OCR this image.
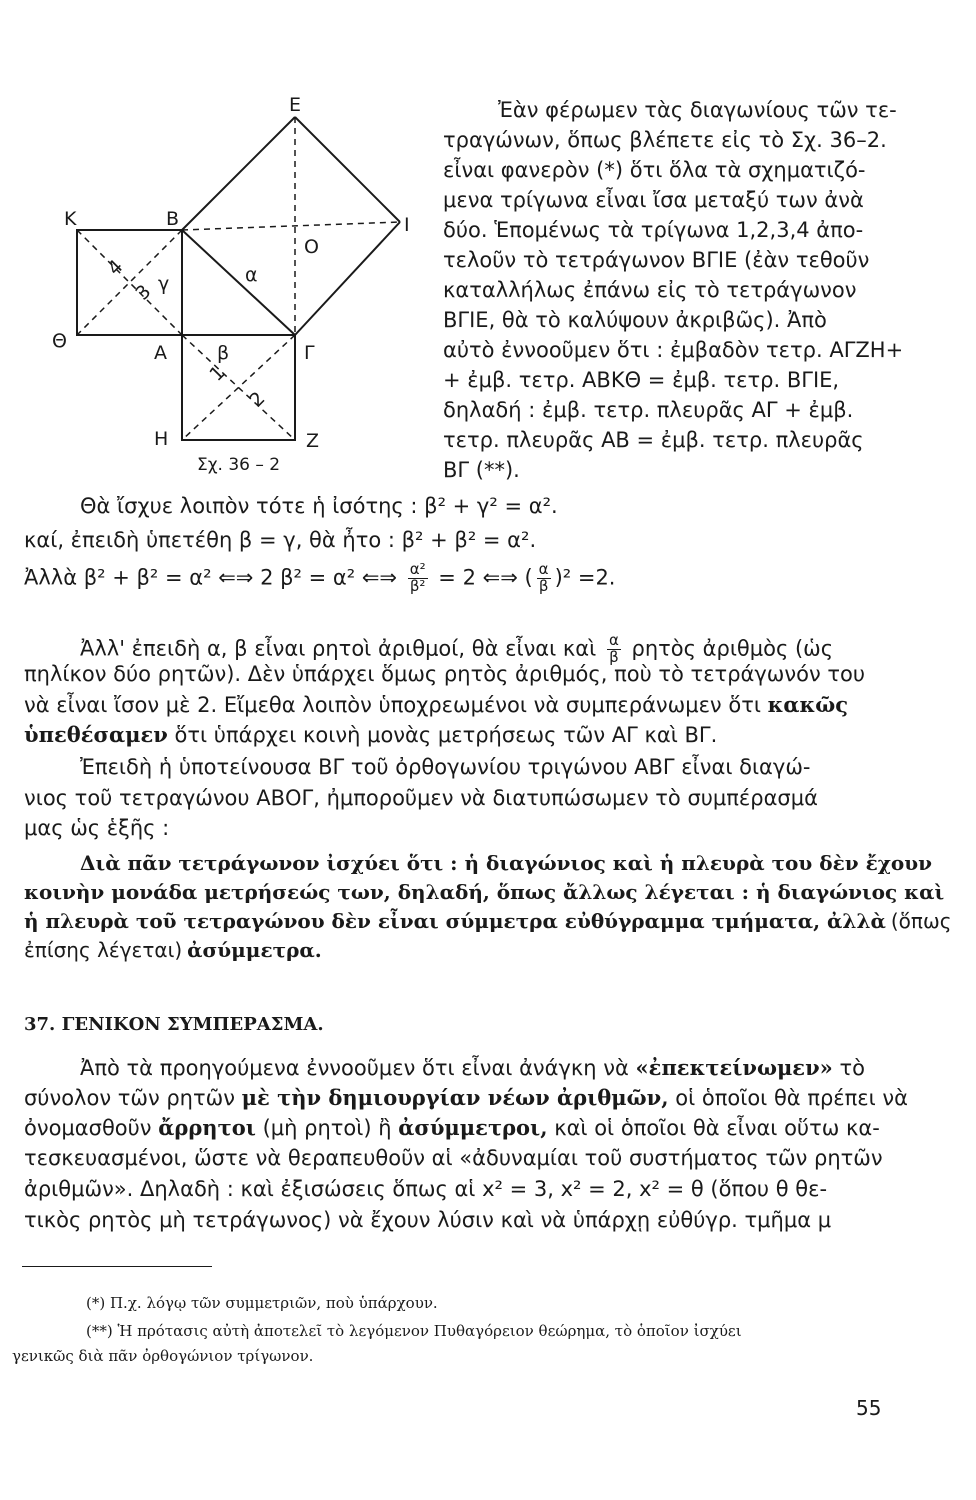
E
K	B	I
O
Θ
A	β	Γ
H	Z
α
γ
1
2
3
4
Σχ. 36 – 2
Ἐὰν φέρωμεν τὰς διαγωνίους τῶν τε-
τραγώνων, ὅπως βλέπετε εἰς τὸ Σχ. 36–2.
εἶναι φανερὸν (*) ὅτι ὅλα τὰ σχηματιζό-
μενα τρίγωνα εἶναι ἴσα μεταξύ των ἀνὰ
δύο. Ἑπομένως τὰ τρίγωνα 1,2,3,4 ἀπο-
τελοῦν τὸ τετράγωνον ΒΓΙΕ (ἐὰν τεθοῦν
καταλλήλως ἐπάνω εἰς τὸ τετράγωνον
ΒΓΙΕ, θὰ τὸ καλύψουν ἀκριβῶς). Ἀπὸ
αὐτὸ ἐννοοῦμεν ὅτι : ἐμβαδὸν τετρ. ΑΓΖΗ+
+ ἐμβ. τετρ. ΑΒΚΘ = ἐμβ. τετρ. ΒΓΙΕ,
δηλαδή : ἐμβ. τετρ. πλευρᾶς ΑΓ + ἐμβ.
τετρ. πλευρᾶς ΑΒ = ἐμβ. τετρ. πλευρᾶς
ΒΓ (**).
Θὰ ἴσχυε λοιπὸν τότε ἡ ἰσότης : β² + γ² = α².
καί, ἐπειδὴ ὑπετέθη β = γ, θὰ ἦτο : β² + β² = α².
Ἀλλὰ β² + β² = α² ⇐⇒ 2 β² = α² ⇐⇒ $\frac{\text{α²}}{\text{β²}} = 2$ ⇐⇒ ( $\frac{\alpha}{\beta} )^2 =2$.
Ἀλλ' ἐπειδὴ α, β εἶναι ρητοὶ ἀριθμοί, θὰ εἶναι καὶ $\frac{\alpha}{\beta}$ ρητὸς ἀριθμὸς (ὡς
πηλίκον δύο ρητῶν). Δὲν ὑπάρχει ὅμως ρητὸς ἀριθμός, ποὺ τὸ τετράγωνόν του
νὰ εἶναι ἴσον μὲ 2. Εἴμεθα λοιπὸν ὑποχρεωμένοι νὰ συμπεράνωμεν ὅτι κακῶς
ὑπεθέσαμεν ὅτι ὑπάρχει κοινὴ μονὰς μετρήσεως τῶν ΑΓ καὶ ΒΓ.
Ἐπειδὴ ἡ ὑποτείνουσα ΒΓ τοῦ ὀρθογωνίου τριγώνου ΑΒΓ εἶναι διαγώ-
νιος τοῦ τετραγώνου ΑΒΟΓ, ἠμποροῦμεν νὰ διατυπώσωμεν τὸ συμπέρασμά
μας ὡς ἑξῆς :
Διὰ πᾶν τετράγωνον ἰσχύει ὅτι : ἡ διαγώνιος καὶ ἡ πλευρὰ του δὲν ἔχουν
κοινὴν μονάδα μετρήσεώς των, δηλαδή, ὅπως ἄλλως λέγεται : ἡ διαγώνιος καὶ
ἡ πλευρὰ τοῦ τετραγώνου δὲν εἶναι σύμμετρα εὐθύγραμμα τμήματα, ἀλλὰ (ὅπως
ἐπίσης λέγεται) ἀσύμμετρα.
37. ΓΕΝΙΚΟΝ ΣΥΜΠΕΡΑΣΜΑ.
Ἀπὸ τὰ προηγούμενα ἐννοοῦμεν ὅτι εἶναι ἀνάγκη νὰ «ἐπεκτείνωμεν» τὸ
σύνολον τῶν ρητῶν μὲ τὴν δημιουργίαν νέων ἀριθμῶν, οἱ ὁποῖοι θὰ πρέπει νὰ
ὀνομασθοῦν ἄρρητοι (μὴ ρητοὶ) ἢ ἀσύμμετροι, καὶ οἱ ὁποῖοι θὰ εἶναι οὕτω κα-
τεσκευασμένοι, ὥστε νὰ θεραπευθοῦν αἱ «ἀδυναμίαι τοῦ συστήματος τῶν ρητῶν
ἀριθμῶν». Δηλαδὴ : καὶ ἐξισώσεις ὅπως αἱ x² = 3, x² = 2, x² = θ (ὅπου θ θε-
τικὸς ρητὸς μὴ τετράγωνος) νὰ ἔχουν λύσιν καὶ νὰ ὑπάρχῃ εὐθύγρ. τμῆμα μ
(*) Π.χ. λόγῳ τῶν συμμετριῶν, ποὺ ὑπάρχουν.
(**) Ἡ πρότασις αὐτὴ ἀποτελεῖ τὸ λεγόμενον Πυθαγόρειον θεώρημα, τὸ ὁποῖον ἰσχύει
γενικῶς διὰ πᾶν ὀρθογώνιον τρίγωνον.
55
